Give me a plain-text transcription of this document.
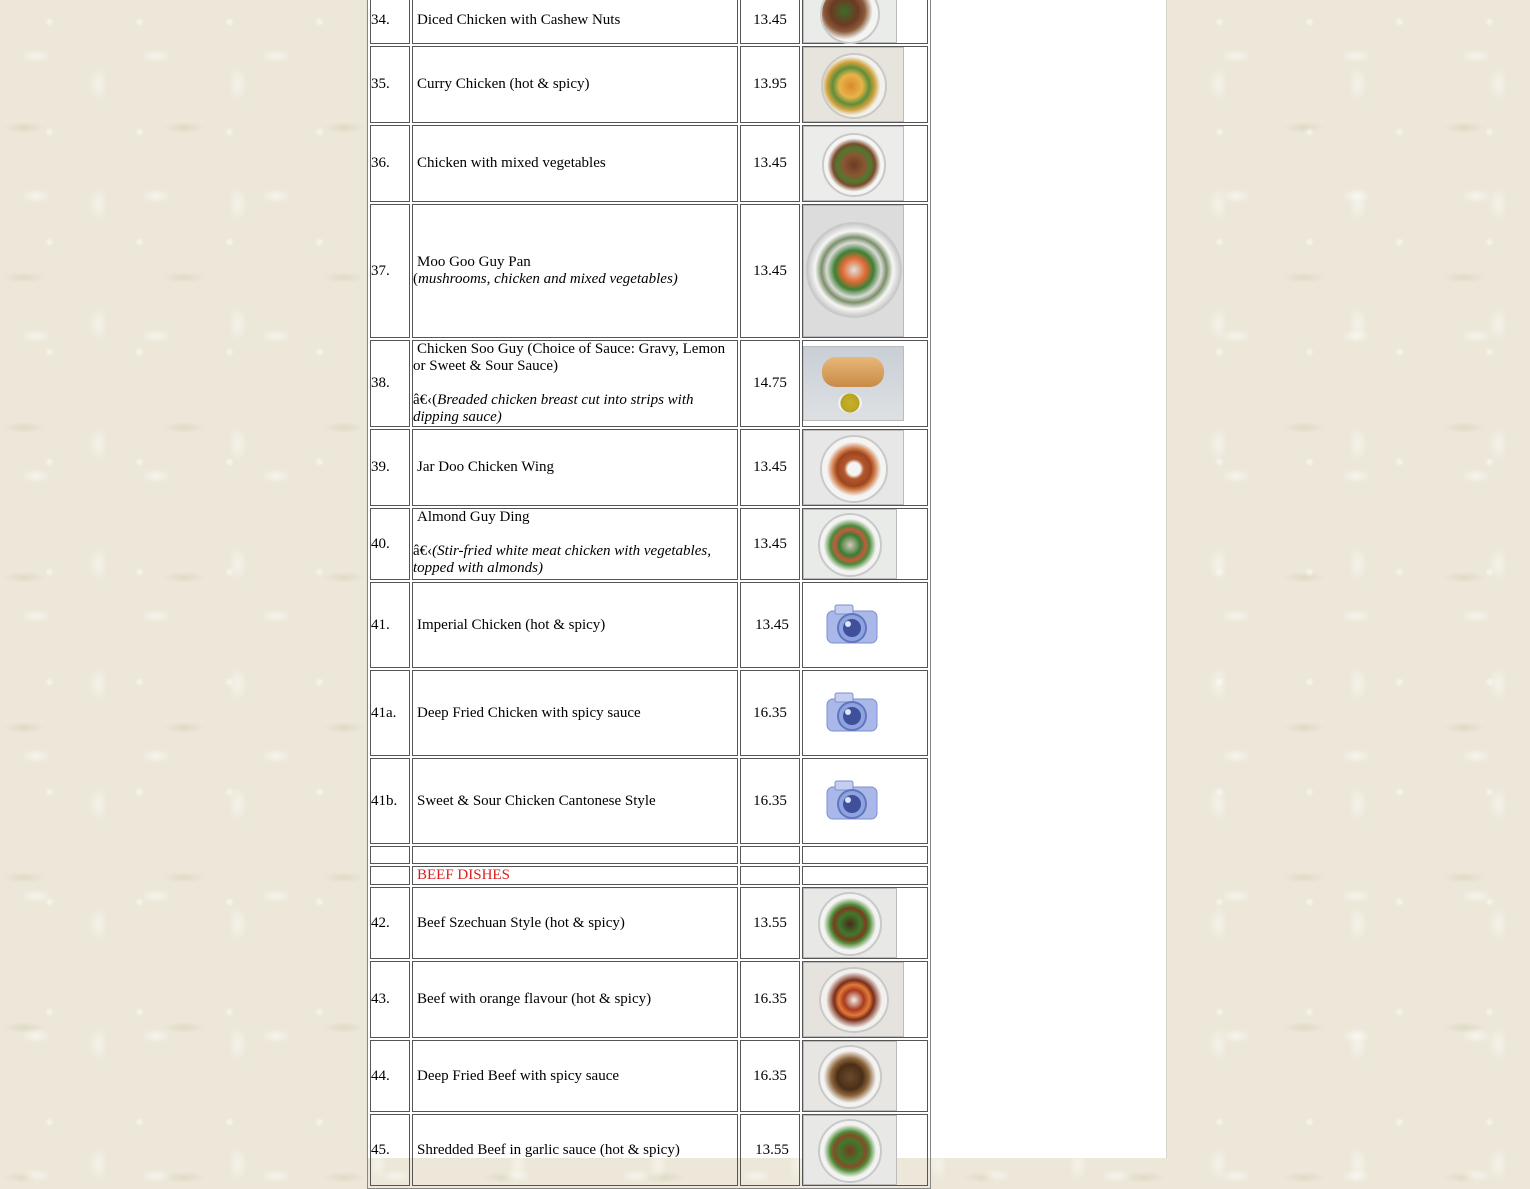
34.	Diced Chicken with Cashew Nuts	13.45	

35.	Curry Chicken (hot & spicy)	13.95	

36.	Chicken with mixed vegetables	13.45	

37.	Moo Goo Guy Pan
(mushrooms, chicken and mixed vegetables)	13.45	

38.	Chicken Soo Guy (Choice of Sauce: Gravy, Lemon or Sweet & Sour Sauce)

â€‹(Breaded chicken breast cut into strips with dipping sauce)	14.75	

39.	Jar Doo Chicken Wing	13.45	

40.	Almond Guy Ding

â€‹(Stir-fried white meat chicken with vegetables, topped with almonds)	13.45	

41.	Imperial Chicken (hot & spicy)	13.45	

41a.	Deep Fried Chicken with spicy sauce	16.35	

41b.	Sweet & Sour Chicken Cantonese Style	16.35	

	BEEF DISHES		
42.	Beef Szechuan Style (hot & spicy)	13.55	

43.	Beef with orange flavour (hot & spicy)	16.35	

44.	Deep Fried Beef with spicy sauce	16.35	

45.	Shredded Beef in garlic sauce (hot & spicy)	13.55	
